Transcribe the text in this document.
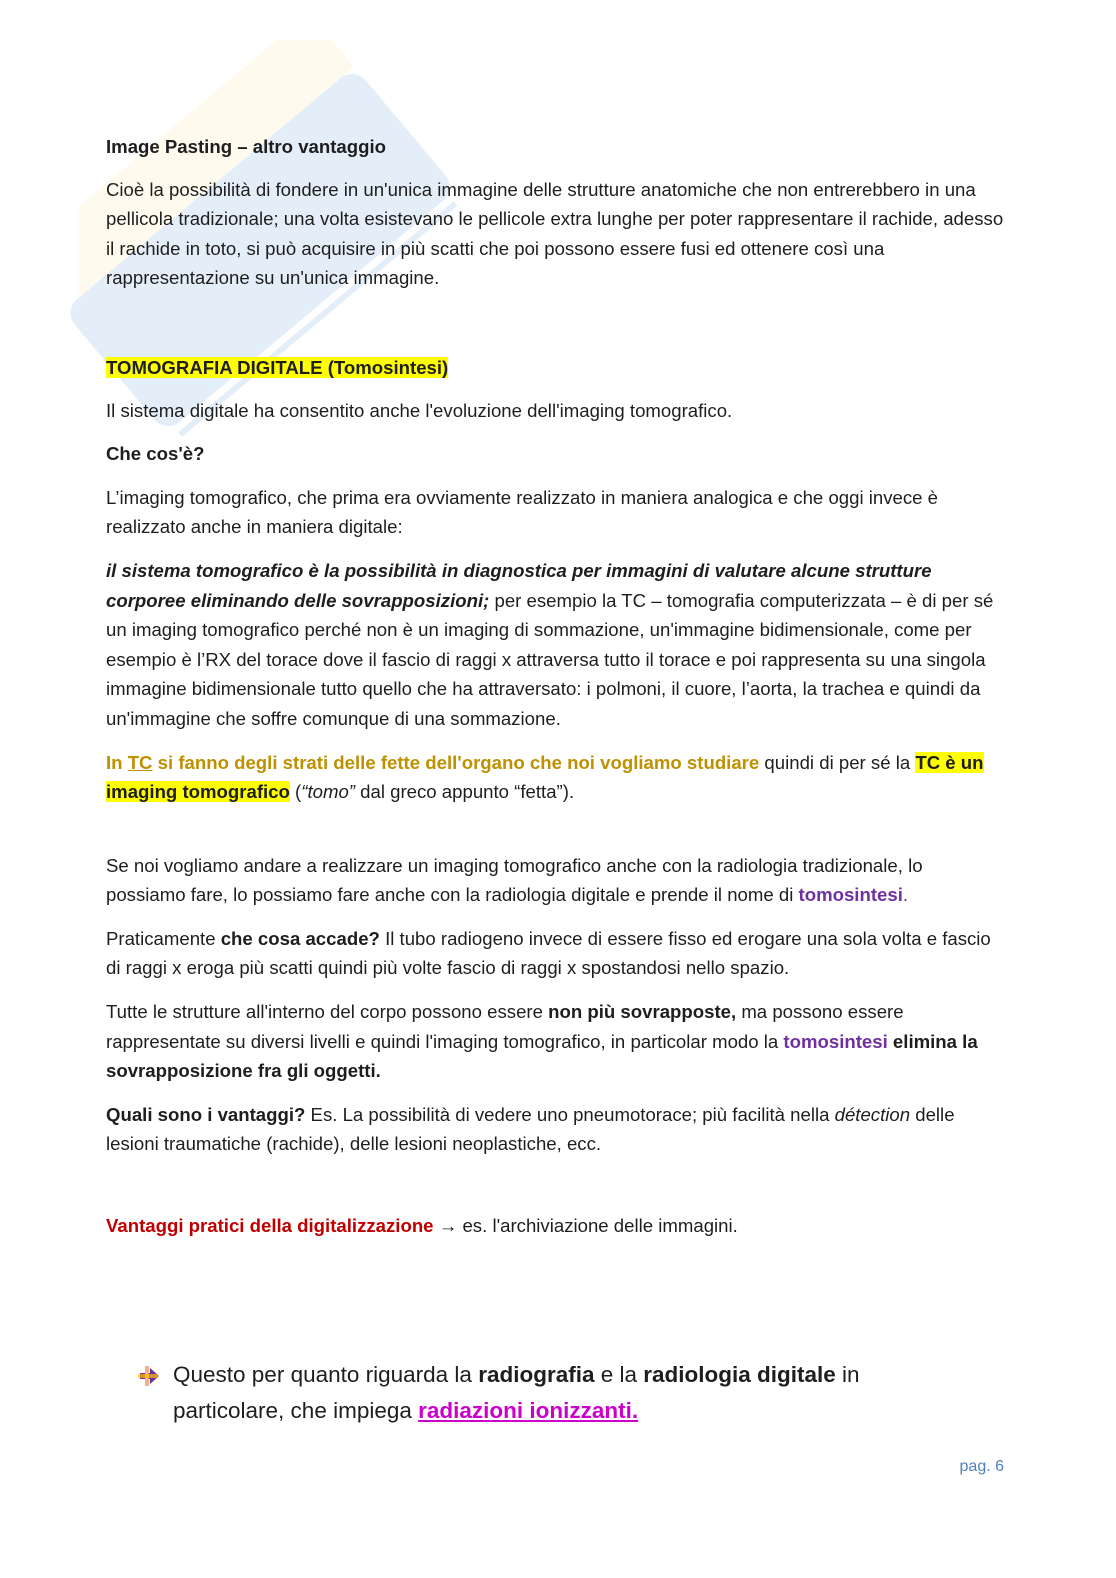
Image Pasting – altro vantaggio

Cioè la possibilità di fondere in un'unica immagine delle strutture anatomiche che non entrerebbero in una pellicola tradizionale; una volta esistevano le pellicole extra lunghe per poter rappresentare il rachide, adesso il rachide in toto, si può acquisire in più scatti che poi possono essere fusi ed ottenere così una rappresentazione su un'unica immagine.

TOMOGRAFIA DIGITALE (Tomosintesi)

Il sistema digitale ha consentito anche l'evoluzione dell'imaging tomografico.

Che cos'è?

L’imaging tomografico, che prima era ovviamente realizzato in maniera analogica e che oggi invece è realizzato anche in maniera digitale:

il sistema tomografico è la possibilità in diagnostica per immagini di valutare alcune strutture corporee eliminando delle sovrapposizioni; per esempio la TC – tomografia computerizzata – è di per sé un imaging tomografico perché non è un imaging di sommazione, un'immagine bidimensionale, come per esempio è l’RX del torace dove il fascio di raggi x attraversa tutto il torace e poi rappresenta su una singola immagine bidimensionale tutto quello che ha attraversato: i polmoni, il cuore, l’aorta, la trachea e quindi da un'immagine che soffre comunque di una sommazione.

In TC si fanno degli strati delle fette dell'organo che noi vogliamo studiare quindi di per sé la TC è un imaging tomografico (“tomo” dal greco appunto “fetta”).

Se noi vogliamo andare a realizzare un imaging tomografico anche con la radiologia tradizionale, lo possiamo fare, lo possiamo fare anche con la radiologia digitale e prende il nome di tomosintesi.

Praticamente che cosa accade? Il tubo radiogeno invece di essere fisso ed erogare una sola volta e fascio di raggi x eroga più scatti quindi più volte fascio di raggi x spostandosi nello spazio.

Tutte le strutture all'interno del corpo possono essere non più sovrapposte, ma possono essere rappresentate su diversi livelli e quindi l'imaging tomografico, in particolar modo la tomosintesi elimina la sovrapposizione fra gli oggetti.

Quali sono i vantaggi? Es. La possibilità di vedere uno pneumotorace; più facilità nella détection delle lesioni traumatiche (rachide), delle lesioni neoplastiche, ecc.

Vantaggi pratici della digitalizzazione → es. l'archiviazione delle immagini.

Questo per quanto riguarda la radiografia e la radiologia digitale in particolare, che impiega radiazioni ionizzanti.
pag. 6
